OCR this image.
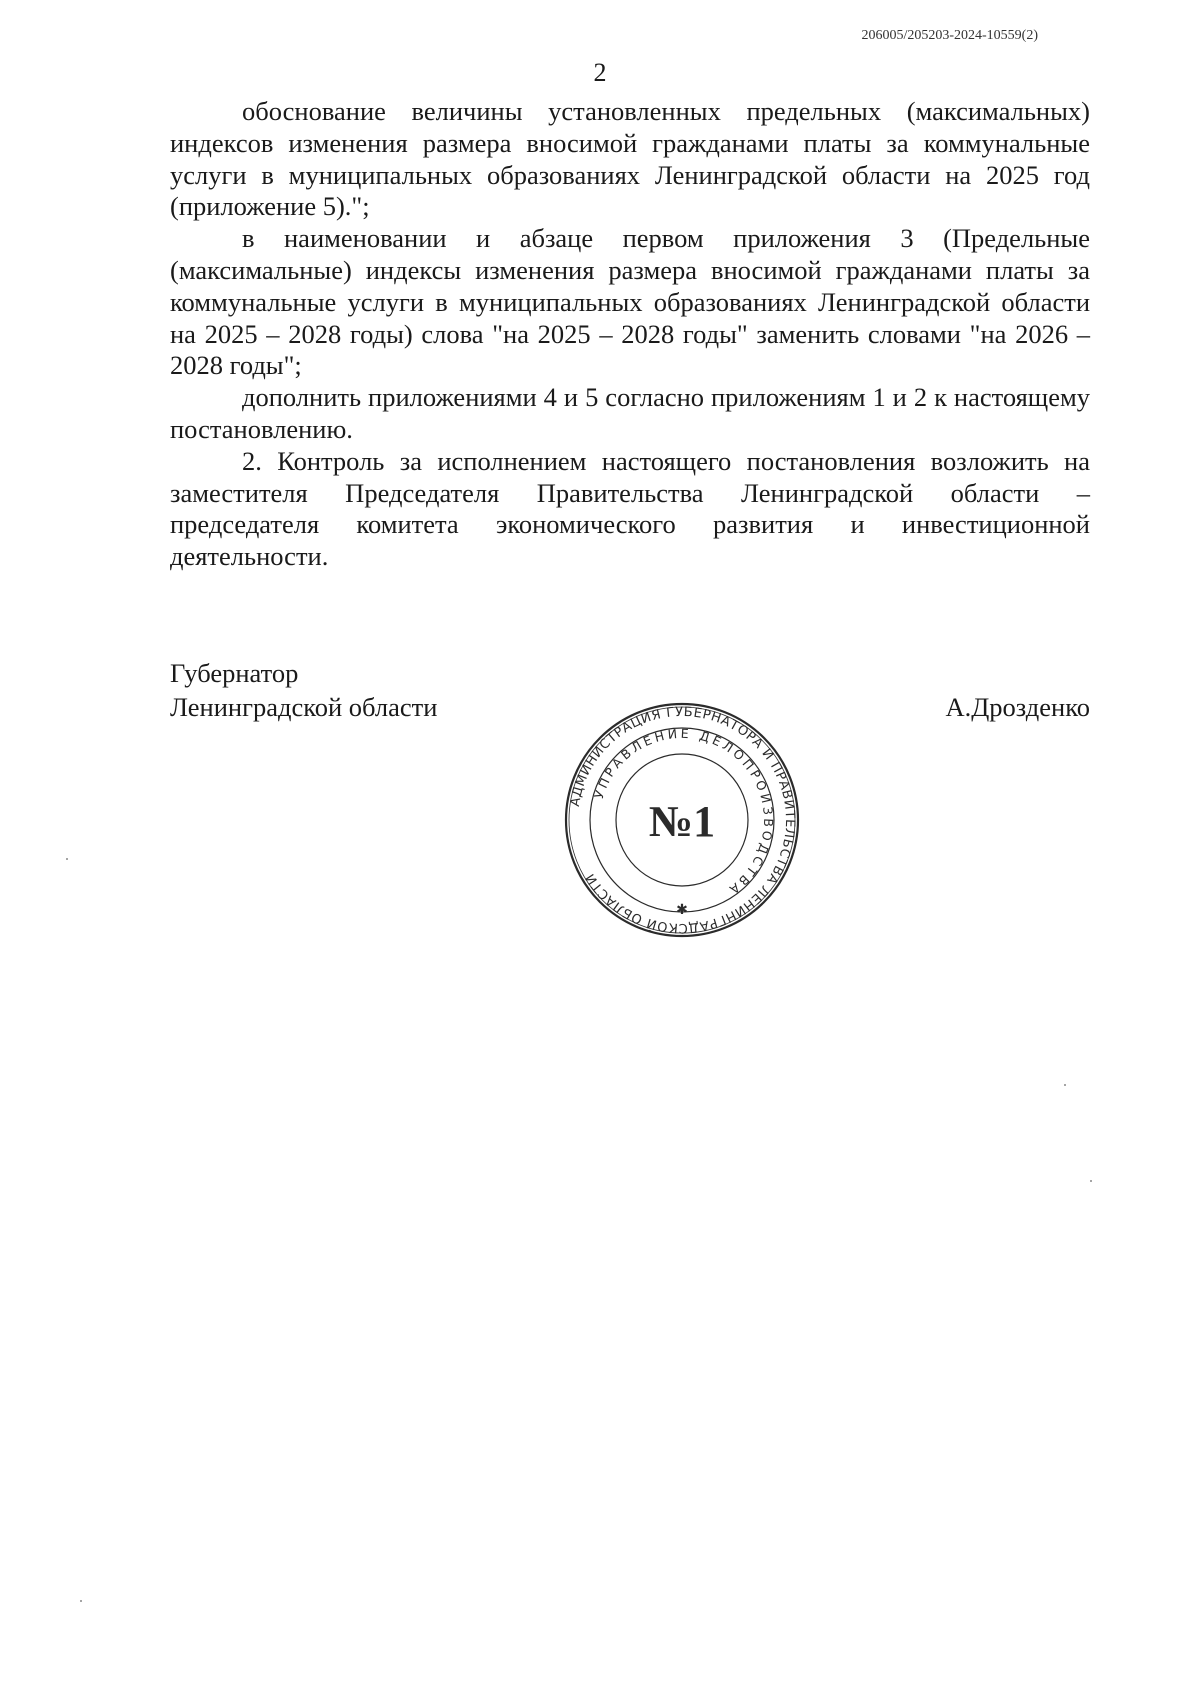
206005/205203-2024-10559(2)
2

обоснование величины установленных предельных (максимальных) индексов изменения размера вносимой гражданами платы за коммунальные услуги в муниципальных образованиях Ленинградской области на 2025 год (приложение 5).";

в наименовании и абзаце первом приложения 3 (Предельные (максимальные) индексы изменения размера вносимой гражданами платы за коммунальные услуги в муниципальных образованиях Ленинградской области на 2025 – 2028 годы) слова "на 2025 – 2028 годы" заменить словами "на 2026 – 2028 годы";

дополнить приложениями 4 и 5 согласно приложениям 1 и 2 к настоящему постановлению.

2. Контроль за исполнением настоящего постановления возложить на заместителя Председателя Правительства Ленинградской области – председателя комитета экономического развития и инвестиционной деятельности.

Губернатор
Ленинградской области	А.Дрозденко
АДМИНИСТРАЦИЯ ГУБЕРНАТОРА И ПРАВИТЕЛЬСТВА ЛЕНИНГРАДСКОЙ ОБЛАСТИ
УПРАВЛЕНИЕ ДЕЛОПРОИЗВОДСТВА
№1
✱
